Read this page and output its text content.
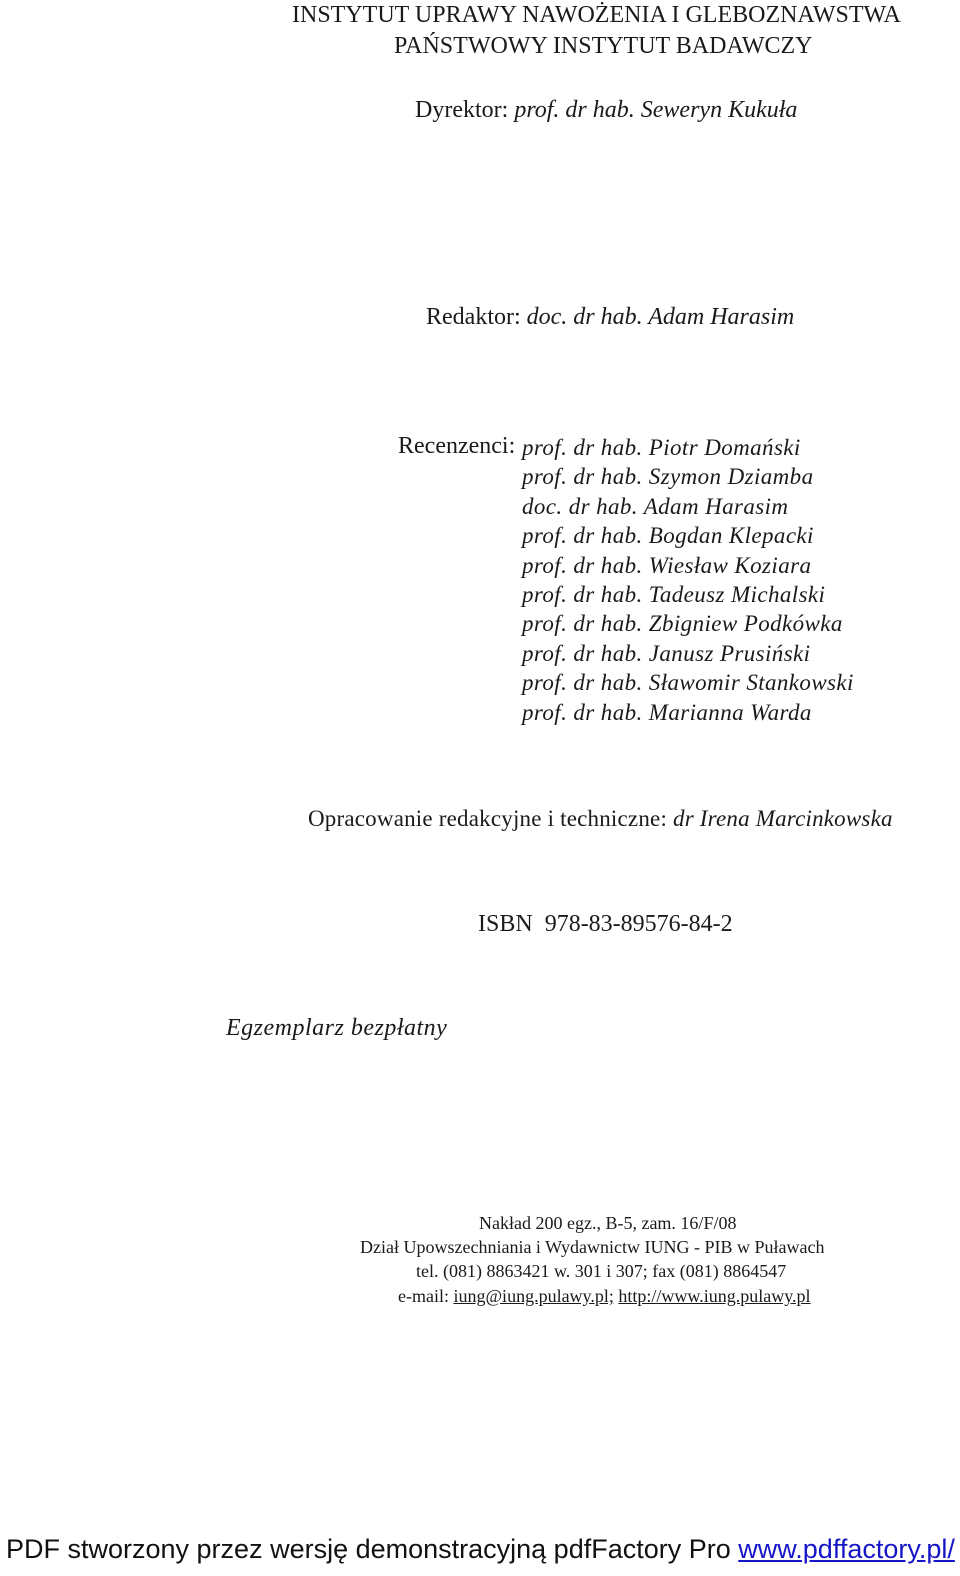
INSTYTUT UPRAWY NAWOŻENIA I GLEBOZNAWSTWA
PAŃSTWOWY INSTYTUT BADAWCZY
Dyrektor: prof. dr hab. Seweryn Kukuła
Redaktor: doc. dr hab. Adam Harasim
Recenzenci: prof. dr hab. Piotr Domański
prof. dr hab. Szymon Dziamba
doc. dr hab. Adam Harasim
prof. dr hab. Bogdan Klepacki
prof. dr hab. Wiesław Koziara
prof. dr hab. Tadeusz Michalski
prof. dr hab. Zbigniew Podkówka
prof. dr hab. Janusz Prusiński
prof. dr hab. Sławomir Stankowski
prof. dr hab. Marianna Warda
Opracowanie redakcyjne i techniczne: dr Irena Marcinkowska
ISBN 978-83-89576-84-2
Egzemplarz bezpłatny
Nakład 200 egz., B-5, zam. 16/F/08
Dział Upowszechniania i Wydawnictw IUNG - PIB w Puławach
tel. (081) 8863421 w. 301 i 307; fax (081) 8864547
e-mail: iung@iung.pulawy.pl; http://www.iung.pulawy.pl
PDF stworzony przez wersję demonstracyjną pdfFactory Pro www.pdffactory.pl/
